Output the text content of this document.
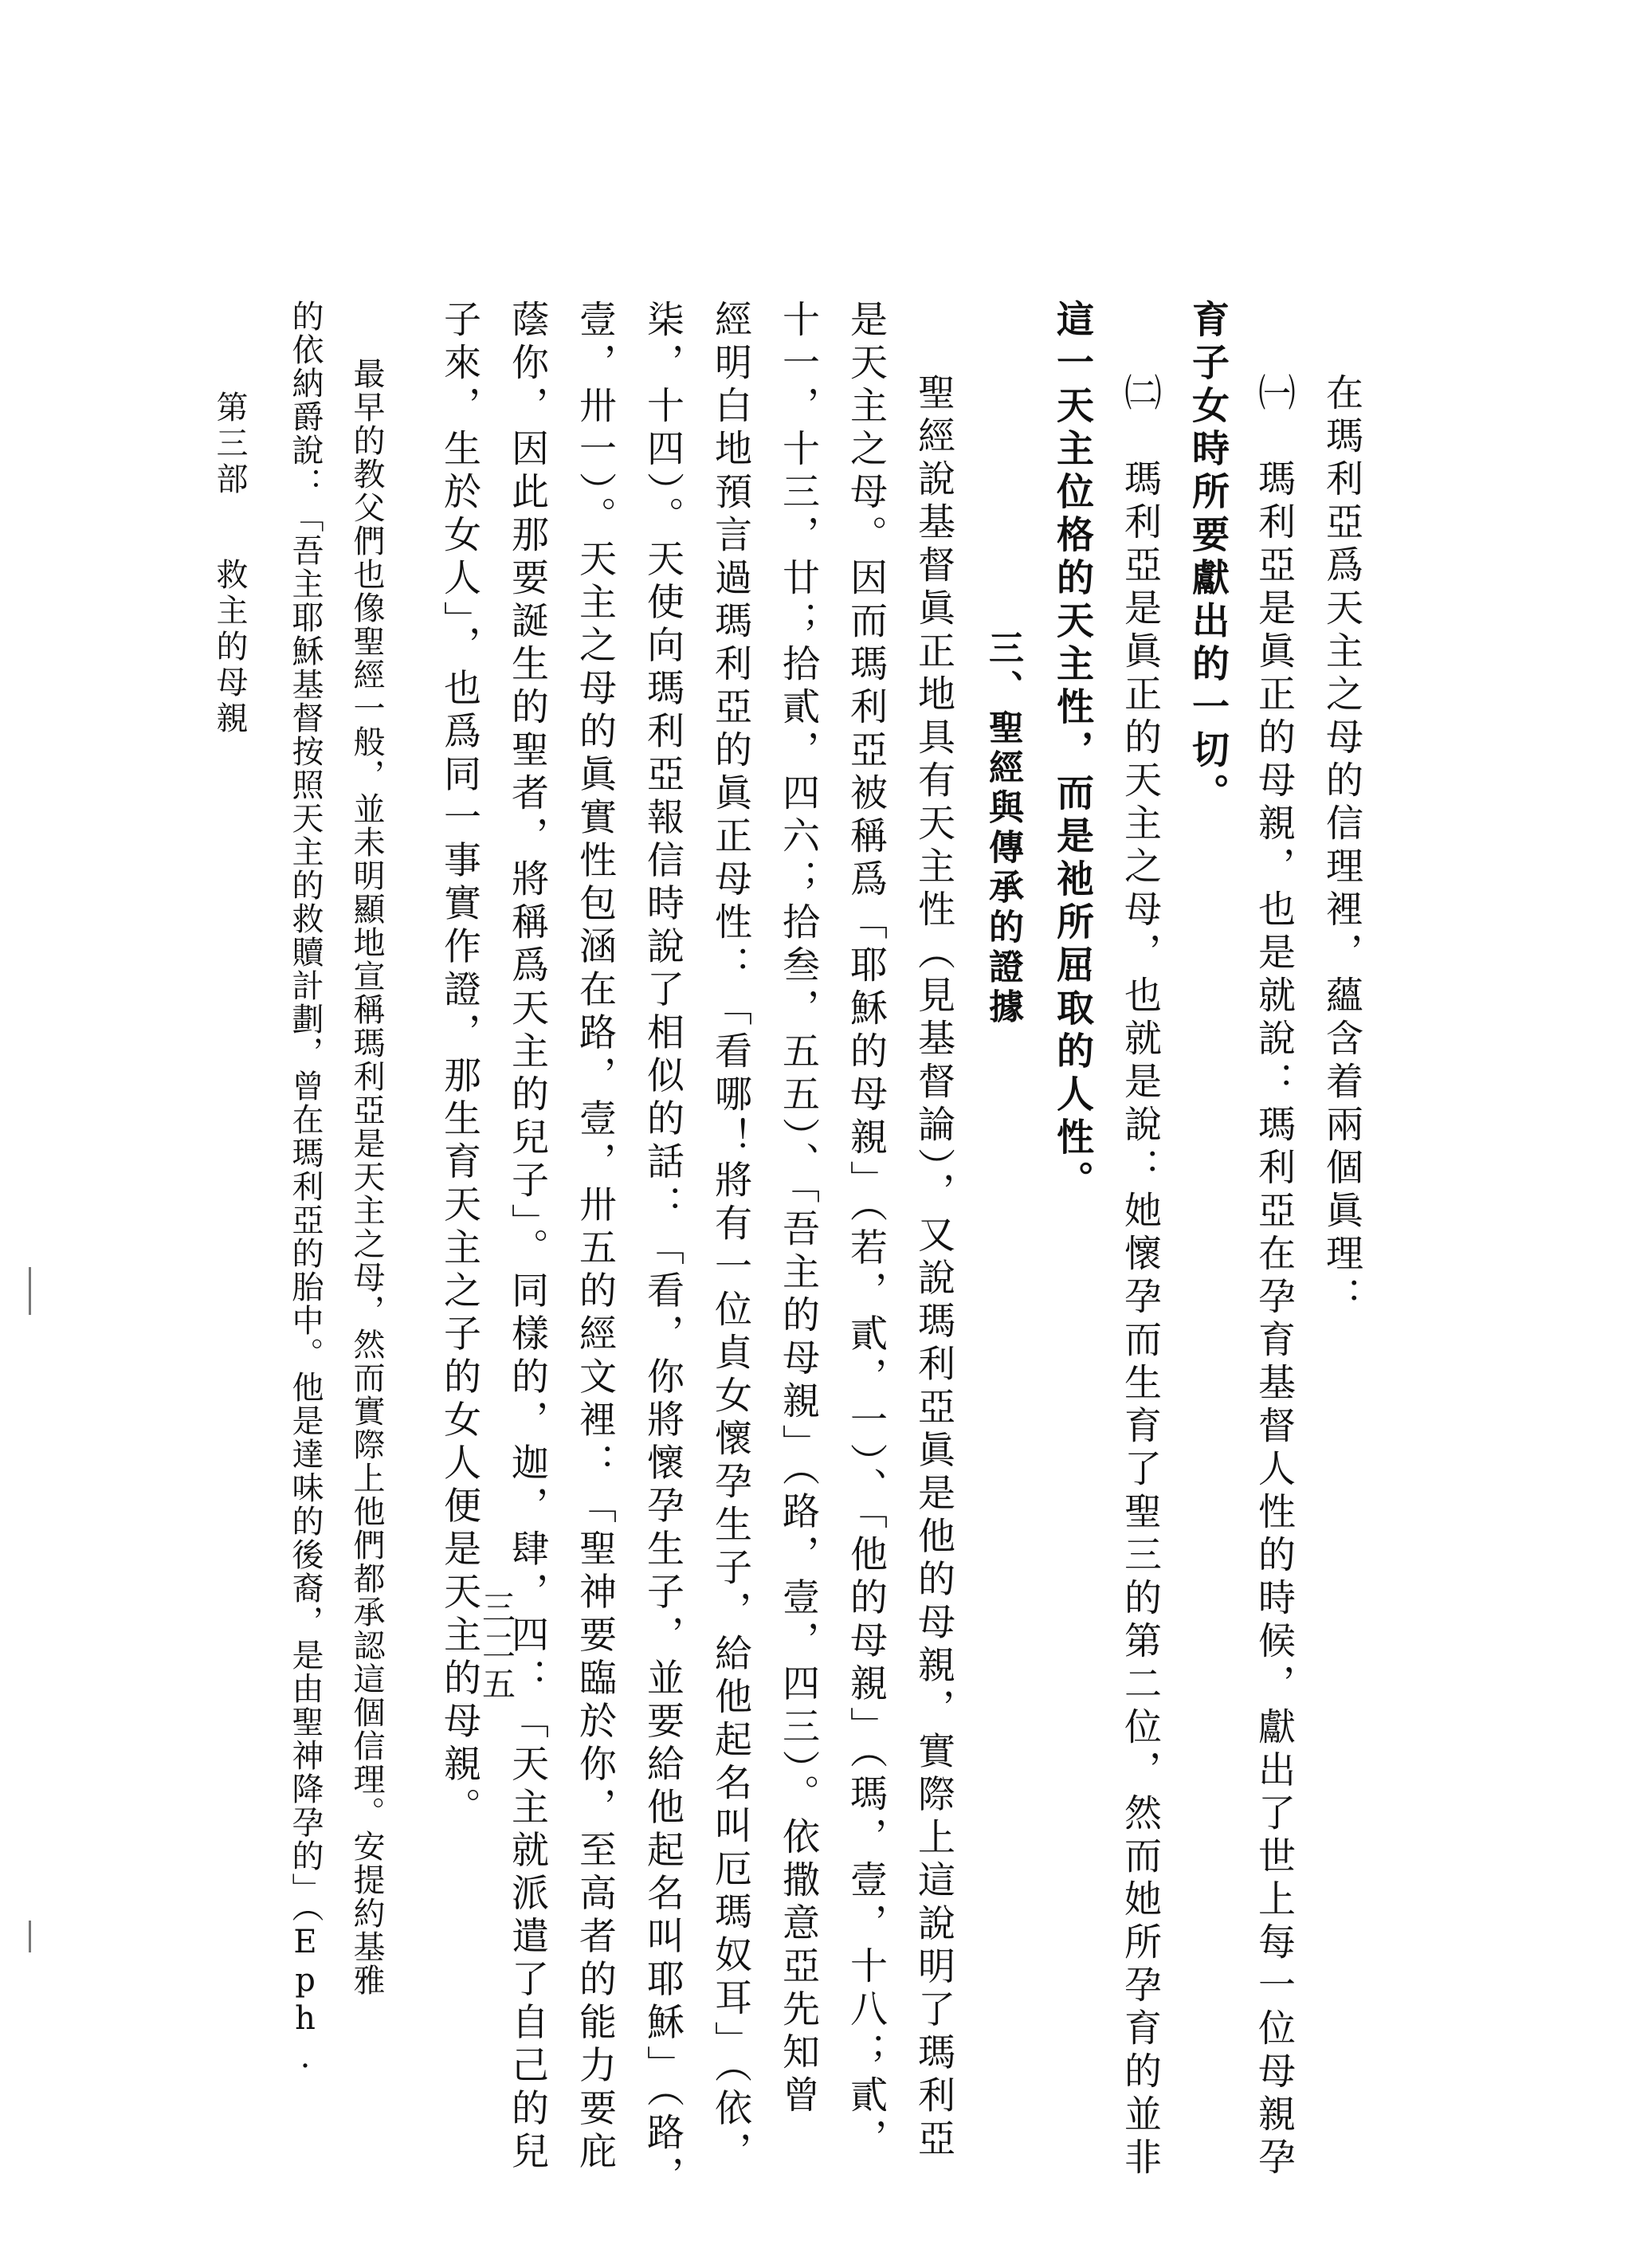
在瑪利亞爲天主之母的信理裡，蘊含着兩個眞理：
㈠　瑪利亞是眞正的母親，也是就說：瑪利亞在孕育基督人性的時候，獻出了世上每一位母親孕
育子女時所要獻出的一切。
㈡　瑪利亞是眞正的天主之母，也就是說：她懷孕而生育了聖三的第二位，然而她所孕育的並非
這一天主位格的天主性，而是祂所屈取的人性。
三、聖經與傳承的證據
聖經說基督眞正地具有天主性（見基督論），又說瑪利亞眞是他的母親，實際上這說明了瑪利亞
是天主之母。因而瑪利亞被稱爲「耶穌的母親」（若，貳，一）、「他的母親」（瑪，壹，十八；貳，
十一，十三，廿；拾貳，四六；拾叁，五五）、「吾主的母親」（路，壹，四三）。依撒意亞先知曾
經明白地預言過瑪利亞的眞正母性：「看哪！將有一位貞女懷孕生子，給他起名叫厄瑪奴耳」（依，
柒，十四）。天使向瑪利亞報信時說了相似的話：「看，你將懷孕生子，並要給他起名叫耶穌」（路，
壹，卅一）。天主之母的眞實性包涵在路，壹，卅五的經文裡：「聖神要臨於你，至高者的能力要庇
蔭你，因此那要誕生的聖者，將稱爲天主的兒子」。同樣的，迦，肆，四：「天主就派遣了自己的兒
子來，生於女人」，也爲同一事實作證，那生育天主之子的女人便是天主的母親。
最早的教父們也像聖經一般，並未明顯地宣稱瑪利亞是天主之母，然而實際上他們都承認這個信理。安提約基雅
的依納爵說：「吾主耶穌基督按照天主的救贖計劃，曾在瑪利亞的胎中。他是達味的後裔，是由聖神降孕的」（Eph.
第三部
救主的母親
三二五
